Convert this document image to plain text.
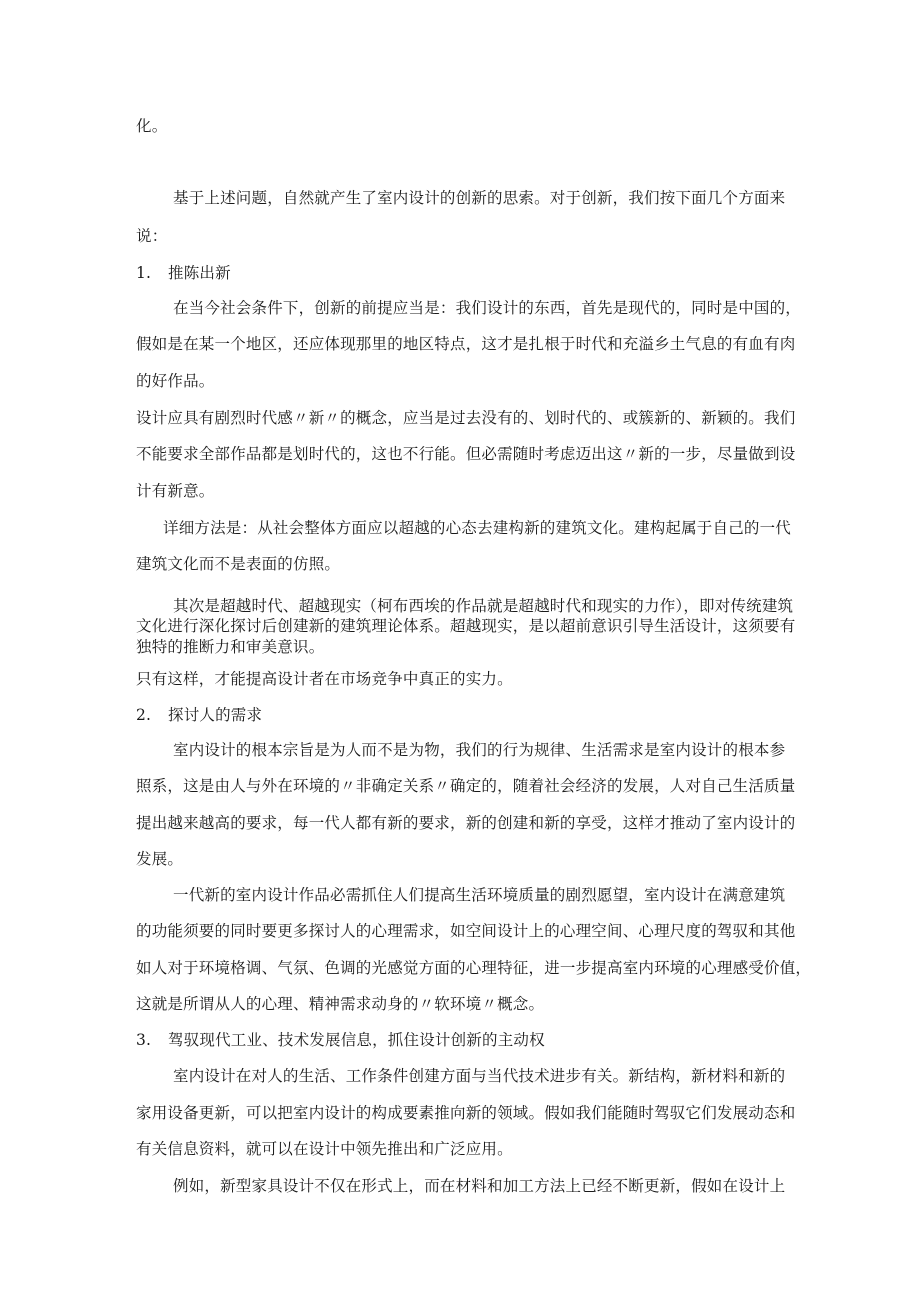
化。
基于上述问题，自然就产生了室内设计的创新的思索。对于创新，我们按下面几个方面来
说：
1. 推陈出新
在当今社会条件下，创新的前提应当是：我们设计的东西，首先是现代的，同时是中国的，
假如是在某一个地区，还应体现那里的地区特点，这才是扎根于时代和充溢乡土气息的有血有肉
的好作品。
设计应具有剧烈时代感〃新〃的概念，应当是过去没有的、划时代的、或簇新的、新颖的。我们
不能要求全部作品都是划时代的，这也不行能。但必需随时考虑迈出这〃新的一步，尽量做到设
计有新意。
详细方法是：从社会整体方面应以超越的心态去建构新的建筑文化。建构起属于自己的一代
建筑文化而不是表面的仿照。
其次是超越时代、超越现实（柯布西埃的作品就是超越时代和现实的力作），即对传统建筑
文化进行深化探讨后创建新的建筑理论体系。超越现实，是以超前意识引导生活设计，这须要有
独特的推断力和审美意识。
只有这样，才能提高设计者在市场竞争中真正的实力。
2. 探讨人的需求
室内设计的根本宗旨是为人而不是为物，我们的行为规律、生活需求是室内设计的根本参
照系，这是由人与外在环境的〃非确定关系〃确定的，随着社会经济的发展，人对自己生活质量
提出越来越高的要求，每一代人都有新的要求，新的创建和新的享受，这样才推动了室内设计的
发展。
一代新的室内设计作品必需抓住人们提高生活环境质量的剧烈愿望，室内设计在满意建筑
的功能须要的同时要更多探讨人的心理需求，如空间设计上的心理空间、心理尺度的驾驭和其他
如人对于环境格调、气氛、色调的光感觉方面的心理特征，进一步提高室内环境的心理感受价值，
这就是所谓从人的心理、精神需求动身的〃软环境〃概念。
3. 驾驭现代工业、技术发展信息，抓住设计创新的主动权
室内设计在对人的生活、工作条件创建方面与当代技术进步有关。新结构，新材料和新的
家用设备更新，可以把室内设计的构成要素推向新的领域。假如我们能随时驾驭它们发展动态和
有关信息资料，就可以在设计中领先推出和广泛应用。
例如，新型家具设计不仅在形式上，而在材料和加工方法上已经不断更新，假如在设计上
